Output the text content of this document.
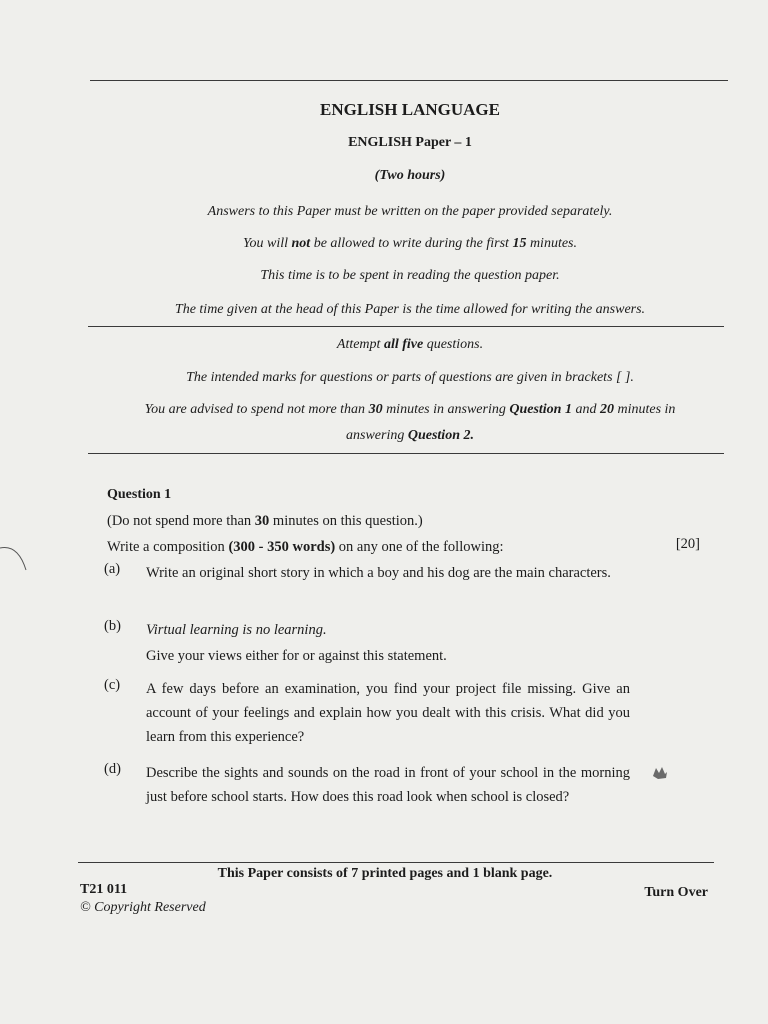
ENGLISH LANGUAGE
ENGLISH Paper – 1
(Two hours)
Answers to this Paper must be written on the paper provided separately.
You will not be allowed to write during the first 15 minutes.
This time is to be spent in reading the question paper.
The time given at the head of this Paper is the time allowed for writing the answers.
Attempt all five questions.
The intended marks for questions or parts of questions are given in brackets [ ].
You are advised to spend not more than 30 minutes in answering Question 1 and 20 minutes in
answering Question 2.
Question 1
(Do not spend more than 30 minutes on this question.)
Write a composition (300 - 350 words) on any one of the following:	[20]
(a) Write an original short story in which a boy and his dog are the main characters.
(b) Virtual learning is no learning.
Give your views either for or against this statement.
(c) A few days before an examination, you find your project file missing. Give an account of your feelings and explain how you dealt with this crisis. What did you learn from this experience?
(d) Describe the sights and sounds on the road in front of your school in the morning just before school starts. How does this road look when school is closed?
This Paper consists of 7 printed pages and 1 blank page.
T21 011
© Copyright Reserved
Turn Over
